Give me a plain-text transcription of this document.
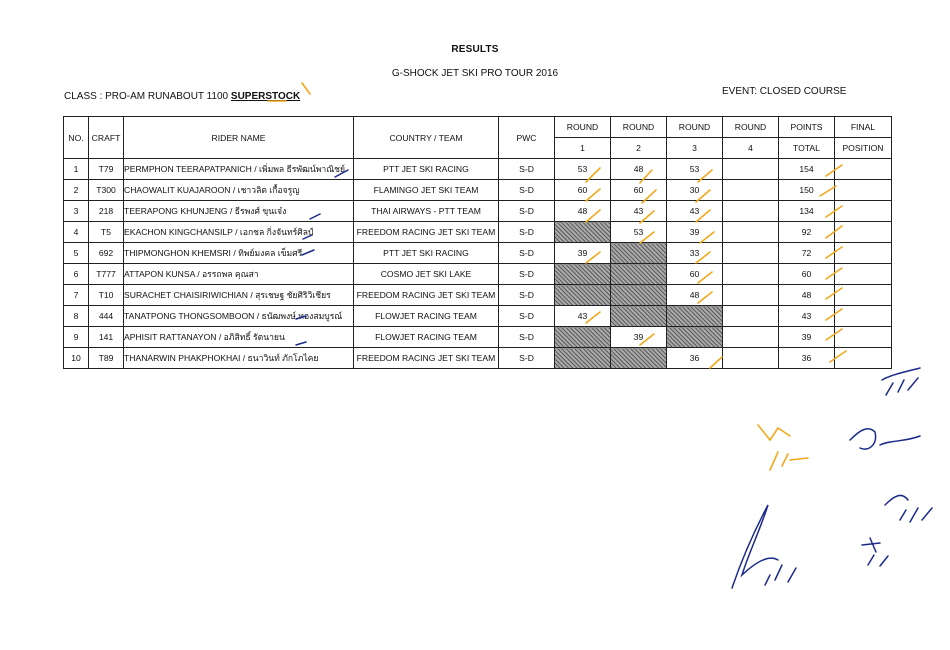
RESULTS
G-SHOCK JET SKI PRO TOUR 2016
CLASS : PRO-AM RUNABOUT 1100 SUPERSTOCK	EVENT: CLOSED COURSE
NO.	CRAFT	RIDER NAME	COUNTRY / TEAM	PWC	ROUND	ROUND	ROUND	ROUND	POINTS	FINAL
					1	2	3	4	TOTAL	POSITION
1	T79	PERMPHON TEERAPATPANICH / เพิ่มพล ธีรพัฒน์พาณิชย์	PTT JET SKI RACING	S-D	53	48	53		154	
2	T300	CHAOWALIT KUAJAROON / เชาวลิต เกื้อจรูญ	FLAMINGO JET SKI TEAM	S-D	60	60	30		150	
3	218	TEERAPONG KHUNJENG / ธีรพงศ์ ขุนเจ๋ง	THAI AIRWAYS - PTT TEAM	S-D	48	43	43		134	
4	T5	EKACHON KINGCHANSILP / เอกชล กิ่งจันทร์ศิลป์	FREEDOM RACING JET SKI TEAM	S-D		53	39		92	
5	692	THIPMONGHON KHEMSRI / ทิพย์มงคล เข็มศรี	PTT JET SKI RACING	S-D	39		33		72	
6	T777	ATTAPON KUNSA / อรรถพล คุณสา	COSMO JET SKI LAKE	S-D			60		60	
7	T10	SURACHET CHAISIRIWICHIAN / สุรเชษฐ ชัยศิริวิเชียร	FREEDOM RACING JET SKI TEAM	S-D			48		48	
8	444	TANATPONG THONGSOMBOON / ธนัฒพงษ์ ทองสมบูรณ์	FLOWJET RACING TEAM	S-D	43				43	
9	141	APHISIT RATTANAYON / อภิสิทธิ์ รัตนายน	FLOWJET RACING TEAM	S-D		39			39	
10	T89	THANARWIN PHAKPHOKHAI / ธนาวินท์ ภักโภไคย	FREEDOM RACING JET SKI TEAM	S-D			36		36	
